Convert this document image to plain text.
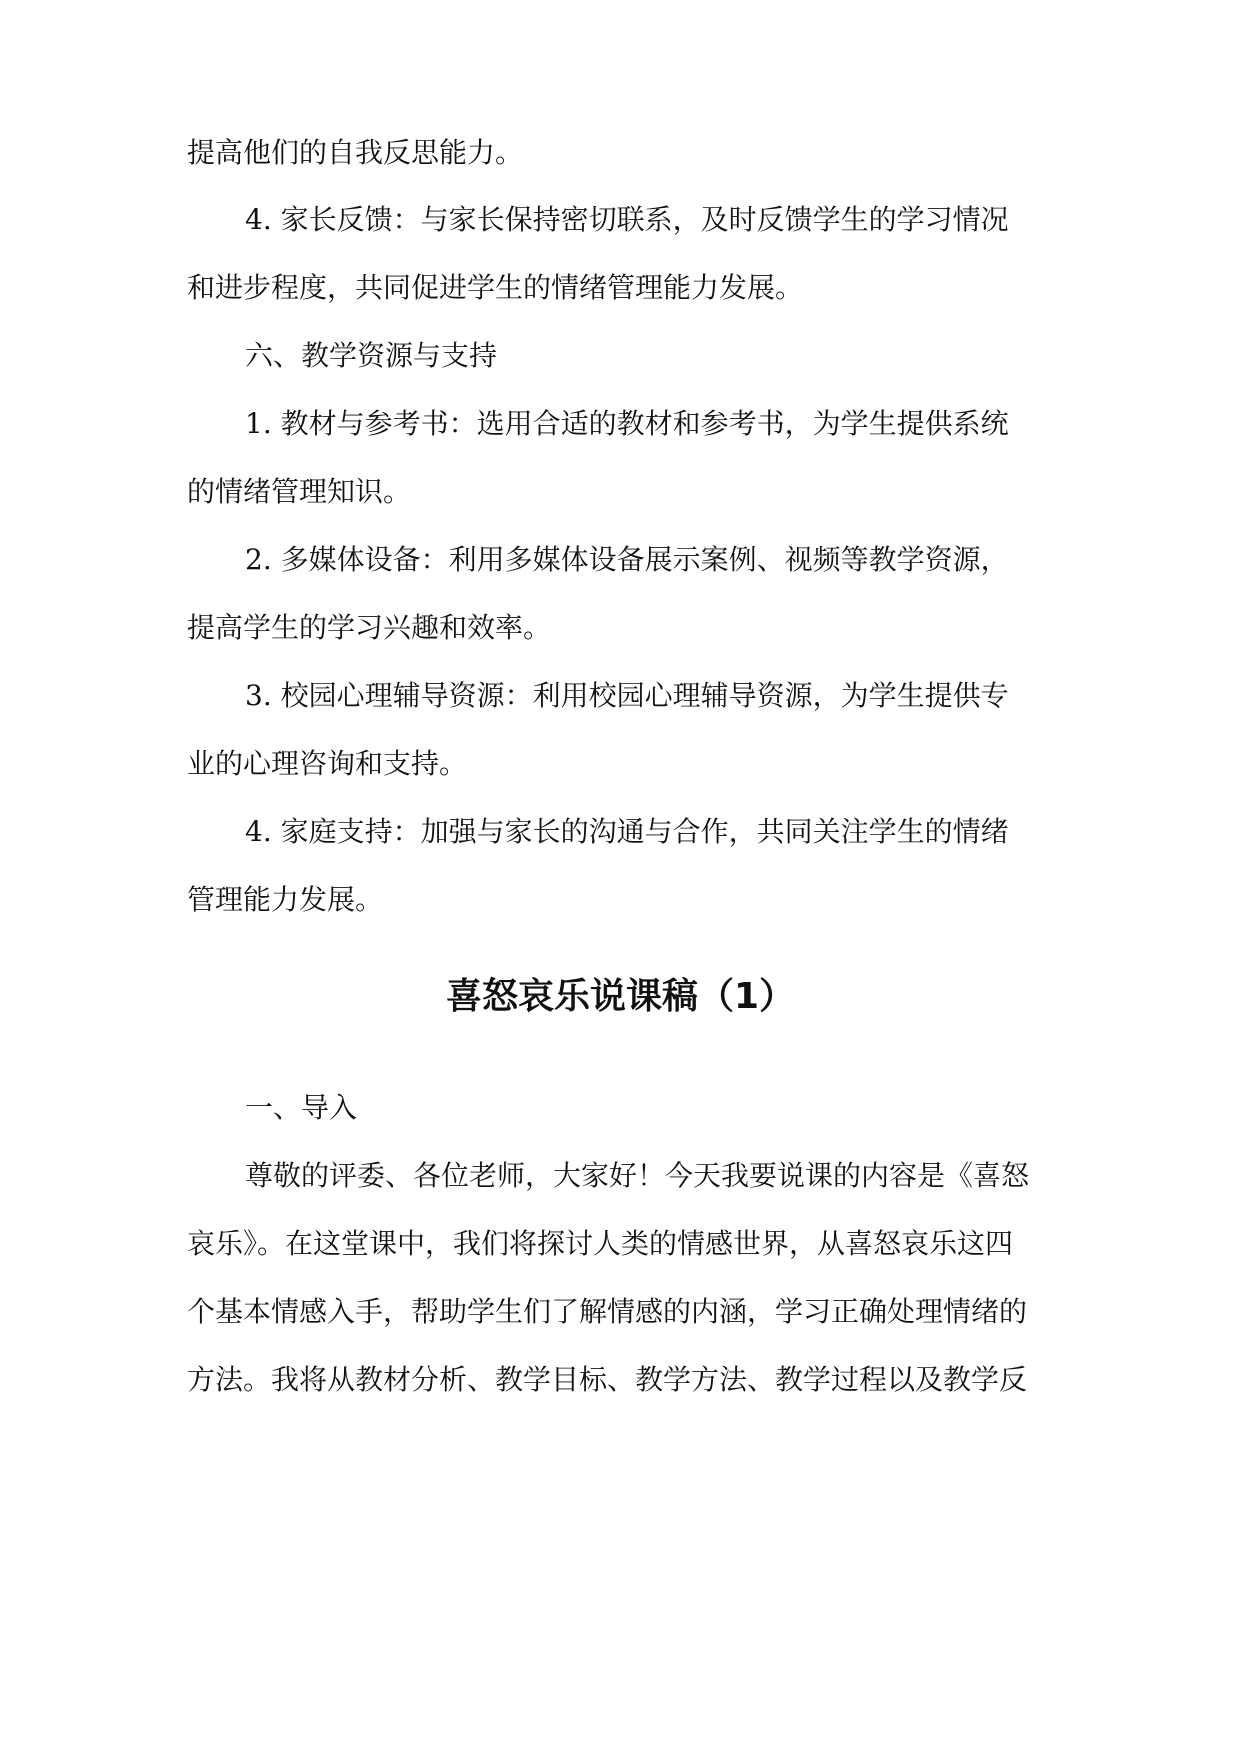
提高他们的自我反思能力。
4. 家长反馈：与家长保持密切联系，及时反馈学生的学习情况
和进步程度，共同促进学生的情绪管理能力发展。
六、教学资源与支持
1. 教材与参考书：选用合适的教材和参考书，为学生提供系统
的情绪管理知识。
2. 多媒体设备：利用多媒体设备展示案例、视频等教学资源，
提高学生的学习兴趣和效率。
3. 校园心理辅导资源：利用校园心理辅导资源，为学生提供专
业的心理咨询和支持。
4. 家庭支持：加强与家长的沟通与合作，共同关注学生的情绪
管理能力发展。
喜怒哀乐说课稿（1）
一、导入
尊敬的评委、各位老师，大家好！今天我要说课的内容是《喜怒
哀乐》。在这堂课中，我们将探讨人类的情感世界，从喜怒哀乐这四
个基本情感入手，帮助学生们了解情感的内涵，学习正确处理情绪的
方法。我将从教材分析、教学目标、教学方法、教学过程以及教学反
